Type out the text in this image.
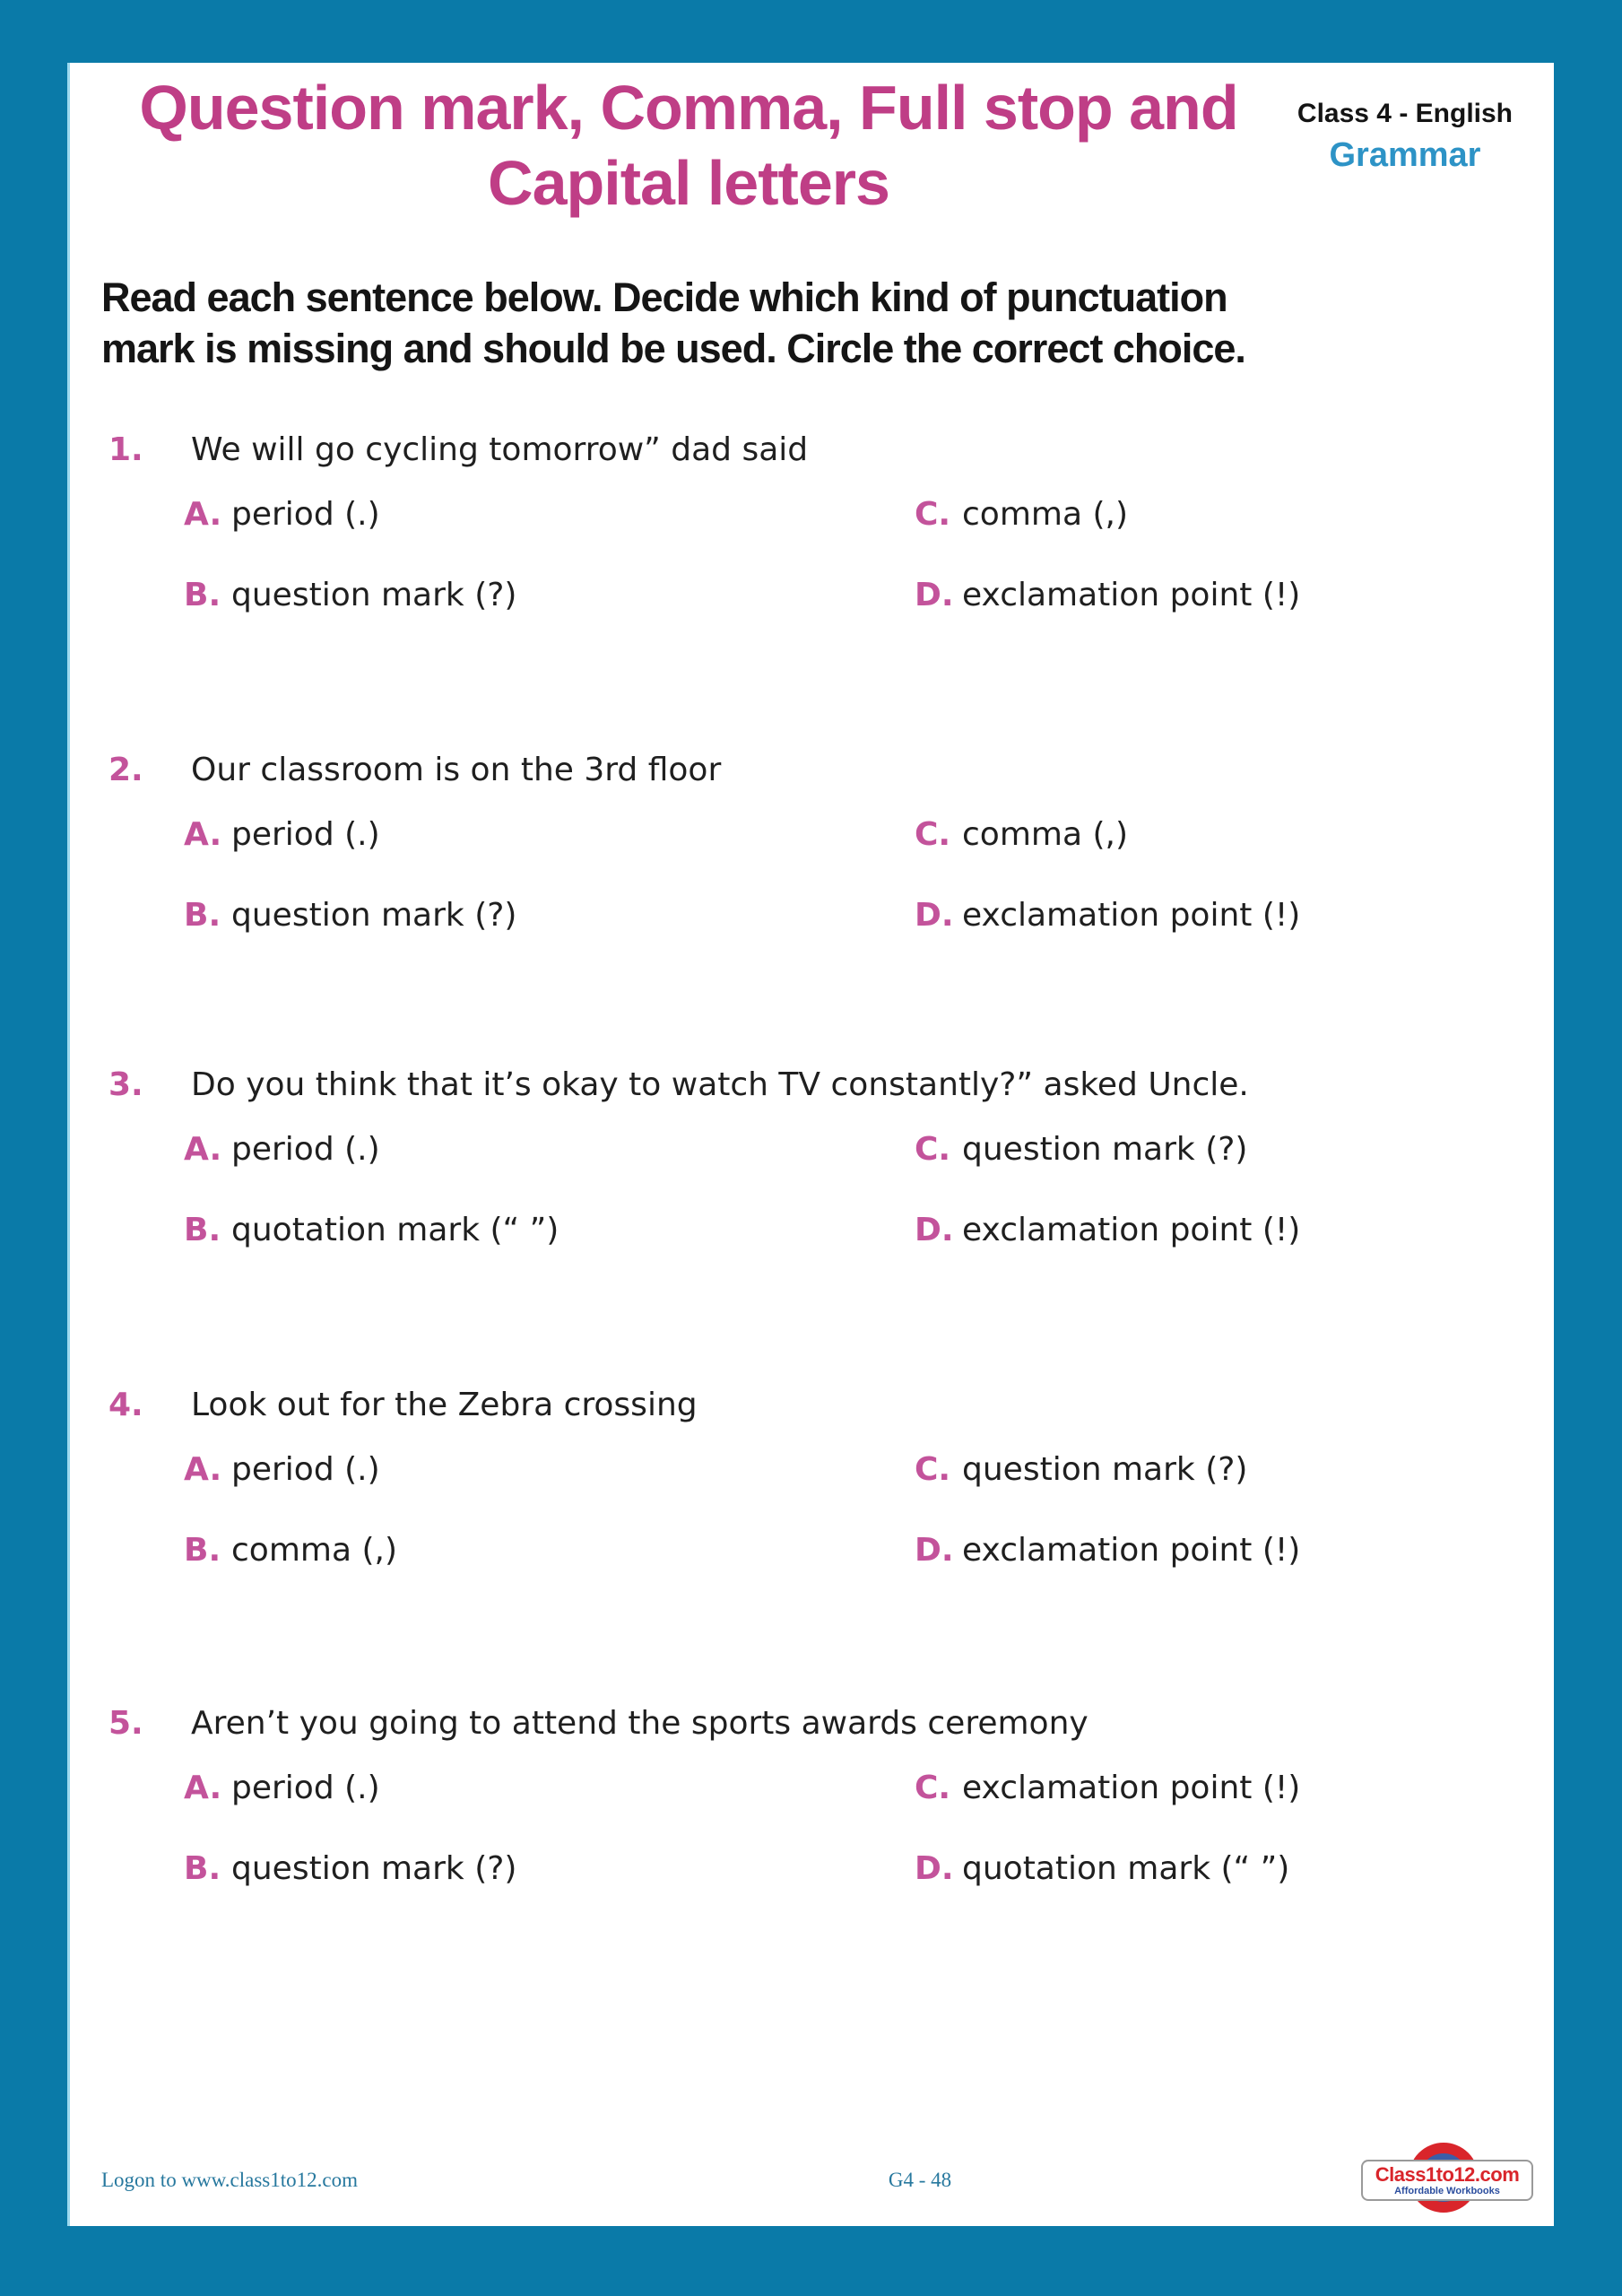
Question mark, Comma, Full stop and
Capital letters
Class 4 - English
Grammar
Read each sentence below. Decide which kind of punctuation
mark is missing and should be used. Circle the correct choice.
1.	We will go cycling tomorrow” dad said
A. period (.)	C. comma (,)
B. question mark (?)	D. exclamation point (!)
2.	Our classroom is on the 3rd floor
A. period (.)	C. comma (,)
B. question mark (?)	D. exclamation point (!)
3.	Do you think that it’s okay to watch TV constantly?” asked Uncle.
A. period (.)	C. question mark (?)
B. quotation mark (“ ”)	D. exclamation point (!)
4.	Look out for the Zebra crossing
A. period (.)	C. question mark (?)
B. comma (,)	D. exclamation point (!)
5.	Aren’t you going to attend the sports awards ceremony
A. period (.)	C. exclamation point (!)
B. question mark (?)	D. quotation mark (“ ”)
Logon to www.class1to12.com	G4 - 48	Class1to12.com
Affordable Workbooks
